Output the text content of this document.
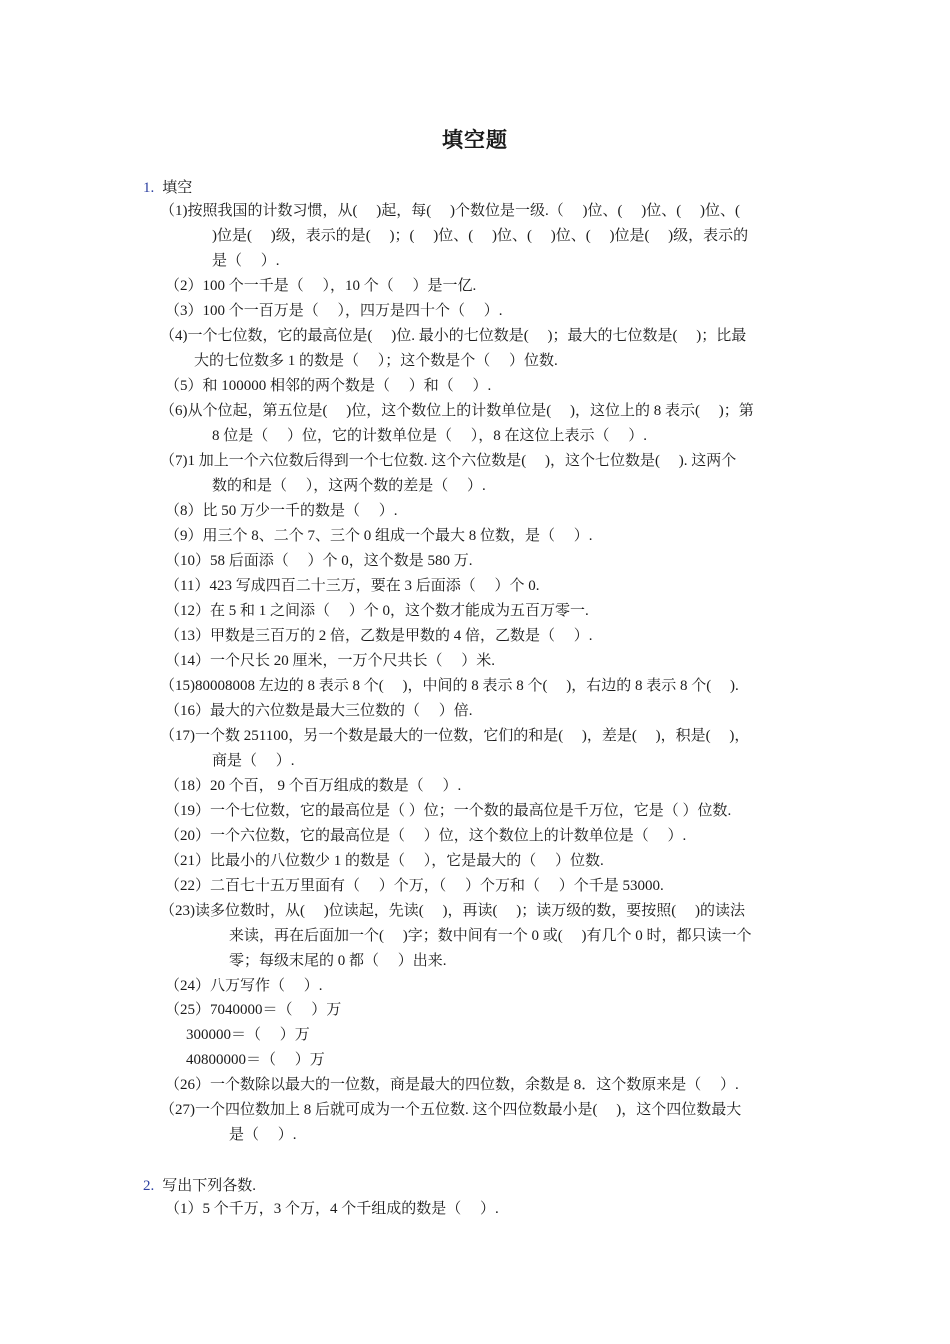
填空题
1. 填空
（1)按照我国的计数习惯，从(　 )起，每(　 )个数位是一级.（　 )位、(　 )位、(　 )位、(
)位是(　 )级，表示的是(　 )；(　 )位、(　 )位、(　 )位、(　 )位是(　 )级，表示的
是（　 ）.
（2）100 个一千是（　 ），10 个（　 ）是一亿.
（3）100 个一百万是（　 ），四万是四十个（　 ）.
（4)一个七位数，它的最高位是(　 )位. 最小的七位数是(　 )；最大的七位数是(　 )；比最
大的七位数多 1 的数是（　 ）；这个数是个（　 ）位数.
（5）和 100000 相邻的两个数是（　 ）和（　 ）.
（6)从个位起，第五位是(　 )位，这个数位上的计数单位是(　 )，这位上的 8 表示(　 )；第
8 位是（　 ）位，它的计数单位是（　 ），8 在这位上表示（　 ）.
（7)1 加上一个六位数后得到一个七位数. 这个六位数是(　 )，这个七位数是(　 ). 这两个
数的和是（　 ），这两个数的差是（　 ）.
（8）比 50 万少一千的数是（　 ）.
（9）用三个 8、二个 7、三个 0 组成一个最大 8 位数，是（　 ）.
（10）58 后面添（　 ）个 0，这个数是 580 万.
（11）423 写成四百二十三万，要在 3 后面添（　 ）个 0.
（12）在 5 和 1 之间添（　 ）个 0，这个数才能成为五百万零一.
（13）甲数是三百万的 2 倍，乙数是甲数的 4 倍，乙数是（　 ）.
（14）一个尺长 20 厘米，一万个尺共长（　 ）米.
（15)80008008 左边的 8 表示 8 个(　 )，中间的 8 表示 8 个(　 )，右边的 8 表示 8 个(　 ).
（16）最大的六位数是最大三位数的（　 ）倍.
（17)一个数 251100，另一个数是最大的一位数，它们的和是(　 )，差是(　 )，积是(　 )，
商是（　 ）.
（18）20 个百， 9 个百万组成的数是（　 ）.
（19）一个七位数，它的最高位是（ ）位；一个数的最高位是千万位，它是（ ）位数.
（20）一个六位数，它的最高位是（　 ）位，这个数位上的计数单位是（　 ）.
（21）比最小的八位数少 1 的数是（　 ），它是最大的（　 ）位数.
（22）二百七十五万里面有（　 ）个万，（　 ）个万和（　 ）个千是 53000.
（23)读多位数时，从(　 )位读起，先读(　 )，再读(　 )；读万级的数，要按照(　 )的读法
来读，再在后面加一个(　 )字；数中间有一个 0 或(　 )有几个 0 时，都只读一个
零；每级末尾的 0 都（　 ）出来.
（24）八万写作（　 ）.
（25）7040000＝（　 ）万
300000＝（　 ）万
40800000＝（　 ）万
（26）一个数除以最大的一位数，商是最大的四位数，余数是 8．这个数原来是（　 ）.
（27)一个四位数加上 8 后就可成为一个五位数. 这个四位数最小是(　 )，这个四位数最大
是（　 ）.
2. 写出下列各数.
（1）5 个千万，3 个万，4 个千组成的数是（　 ）.
